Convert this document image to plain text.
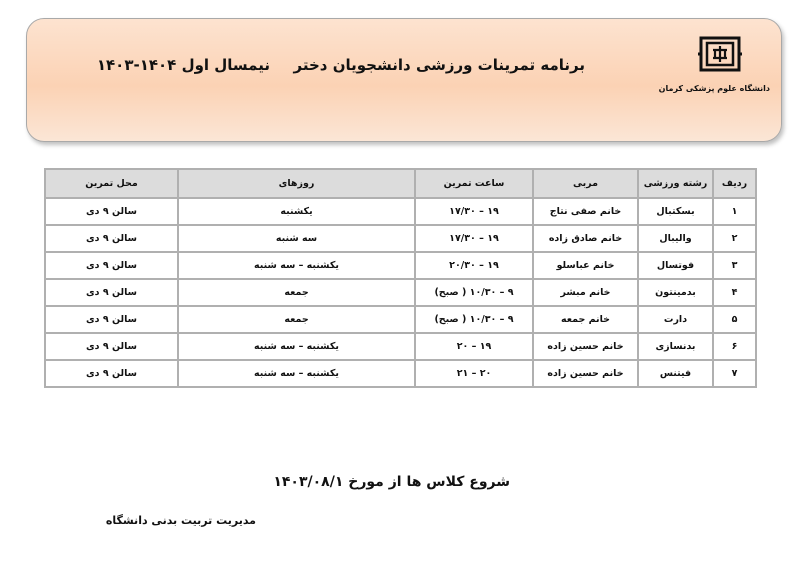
برنامه تمرینات ورزشی دانشجویان دختر
نیمسال اول ۱۴۰۴-۱۴۰۳
دانشگاه علوم پزشکی کرمان
ردیف	رشته ورزشی	مربی	ساعت تمرین	روزهای	محل تمرین
۱	بسکتبال	خانم صفی نتاج	۱۹ – ۱۷/۳۰	یکشنبه	سالن ۹ دی
۲	والیبال	خانم صادق زاده	۱۹ – ۱۷/۳۰	سه شنبه	سالن ۹ دی
۳	فوتسال	خانم عباسلو	۱۹ – ۲۰/۳۰	یکشنبه – سه شنبه	سالن ۹ دی
۴	بدمینتون	خانم مبشر	۹ – ۱۰/۳۰ ( صبح)	جمعه	سالن ۹ دی
۵	دارت	خانم جمعه	۹ – ۱۰/۳۰ ( صبح)	جمعه	سالن ۹ دی
۶	بدنسازی	خانم حسین زاده	۱۹ – ۲۰	یکشنبه – سه شنبه	سالن ۹ دی
۷	فیتنس	خانم حسین زاده	۲۰ – ۲۱	یکشنبه – سه شنبه	سالن ۹ دی
شروع کلاس ها از مورخ ۱۴۰۳/۰۸/۱
مدیریت تربیت بدنی دانشگاه
